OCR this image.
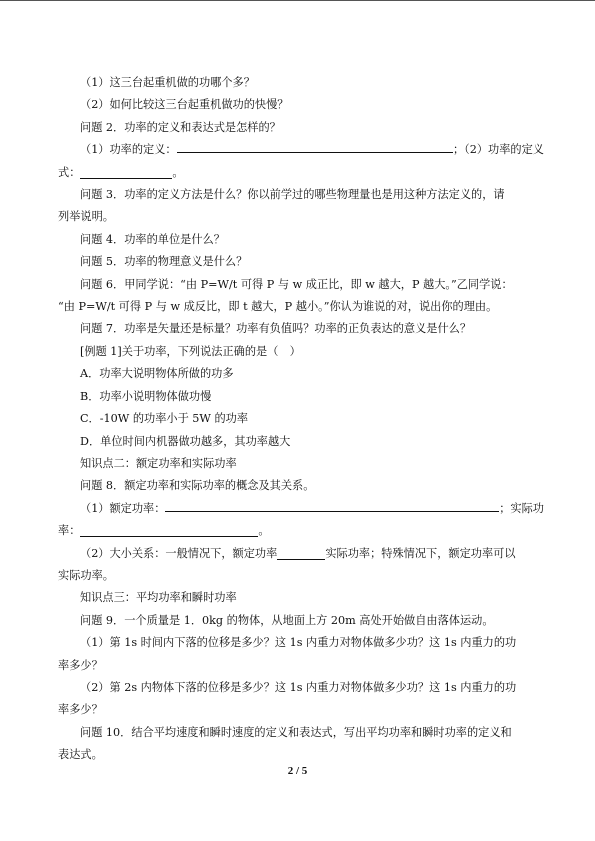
（1）这三台起重机做的功哪个多？

（2）如何比较这三台起重机做功的快慢？

问题 2．功率的定义和表达式是怎样的？

（1）功率的定义：	；（2）功率的定义

式：	。

问题 3．功率的定义方法是什么？你以前学过的哪些物理量也是用这种方法定义的，请

列举说明。

问题 4．功率的单位是什么？

问题 5．功率的物理意义是什么？

问题 6．甲同学说：“由 P=W/t 可得 P 与 w 成正比，即 w 越大，P 越大。”乙同学说：

“由 P=W/t 可得 P 与 w 成反比，即 t 越大，P 越小。”你认为谁说的对，说出你的理由。

问题 7．功率是矢量还是标量？功率有负值吗？功率的正负表达的意义是什么？

[例题 1]关于功率，下列说法正确的是（　）

A．功率大说明物体所做的功多

B．功率小说明物体做功慢

C．-10W 的功率小于 5W 的功率

D．单位时间内机器做功越多，其功率越大

知识点二：额定功率和实际功率

问题 8．额定功率和实际功率的概念及其关系。

（1）额定功率：	；实际功

率：	。

（2）大小关系：一般情况下，额定功率	实际功率；特殊情况下，额定功率可以

实际功率。

知识点三：平均功率和瞬时功率

问题 9．一个质量是 1．0kg 的物体，从地面上方 20m 高处开始做自由落体运动。

（1）第 1s 时间内下落的位移是多少？这 1s 内重力对物体做多少功？这 1s 内重力的功

率多少？

（2）第 2s 内物体下落的位移是多少？这 1s 内重力对物体做多少功？这 1s 内重力的功

率多少？

问题 10．结合平均速度和瞬时速度的定义和表达式，写出平均功率和瞬时功率的定义和

表达式。

2 / 5
